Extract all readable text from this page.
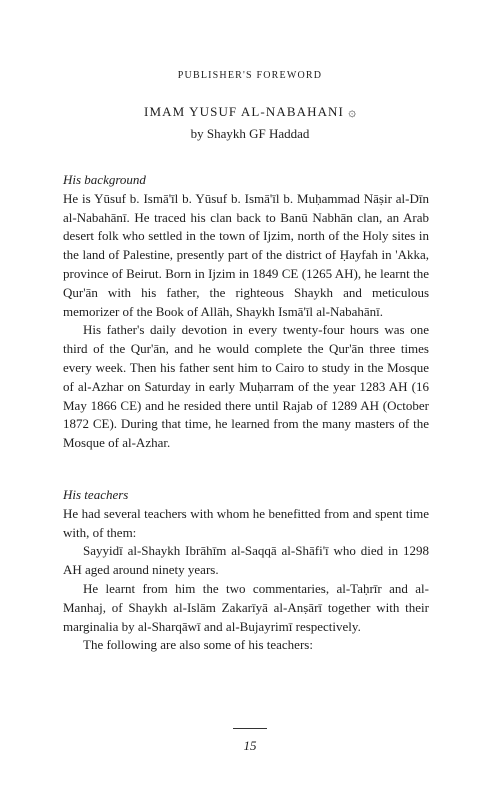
PUBLISHER'S FOREWORD
IMAM YUSUF AL-NABAHANI ۞
by Shaykh GF Haddad

His background

He is Yūsuf b. Ismā'īl b. Yūsuf b. Ismā'īl b. Muḥammad Nāṣir al-Dīn al-Nabahānī. He traced his clan back to Banū Nabhān clan, an Arab desert folk who settled in the town of Ijzim, north of the Holy sites in the land of Palestine, presently part of the district of Ḥayfah in 'Akka, province of Beirut. Born in Ijzim in 1849 CE (1265 AH), he learnt the Qur'ān with his father, the righteous Shaykh and meticulous memorizer of the Book of Allāh, Shaykh Ismā'īl al-Nabahānī.

His father's daily devotion in every twenty-four hours was one third of the Qur'ān, and he would complete the Qur'ān three times every week. Then his father sent him to Cairo to study in the Mosque of al-Azhar on Saturday in early Muḥarram of the year 1283 AH (16 May 1866 CE) and he resided there until Rajab of 1289 AH (October 1872 CE). During that time, he learned from the many masters of the Mosque of al-Azhar.

His teachers

He had several teachers with whom he benefitted from and spent time with, of them:

Sayyidī al-Shaykh Ibrāhīm al-Saqqā al-Shāfi'ī who died in 1298 AH aged around ninety years.

He learnt from him the two commentaries, al-Taḥrīr and al-Manhaj, of Shaykh al-Islām Zakarīyā al-Anṣārī together with their marginalia by al-Sharqāwī and al-Bujayrimī respectively.

The following are also some of his teachers:

15
